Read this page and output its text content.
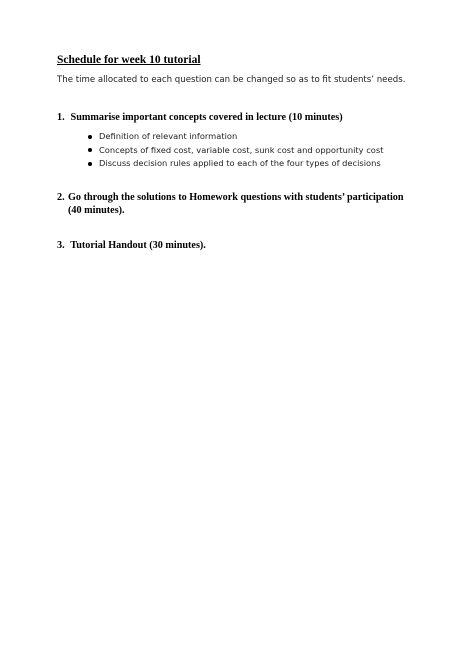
Schedule for week 10 tutorial
The time allocated to each question can be changed so as to fit students’ needs.
1. Summarise important concepts covered in lecture (10 minutes)
Definition of relevant information
Concepts of fixed cost, variable cost, sunk cost and opportunity cost
Discuss decision rules applied to each of the four types of decisions
2. Go through the solutions to Homework questions with students’ participation
(40 minutes).
3. Tutorial Handout (30 minutes).
